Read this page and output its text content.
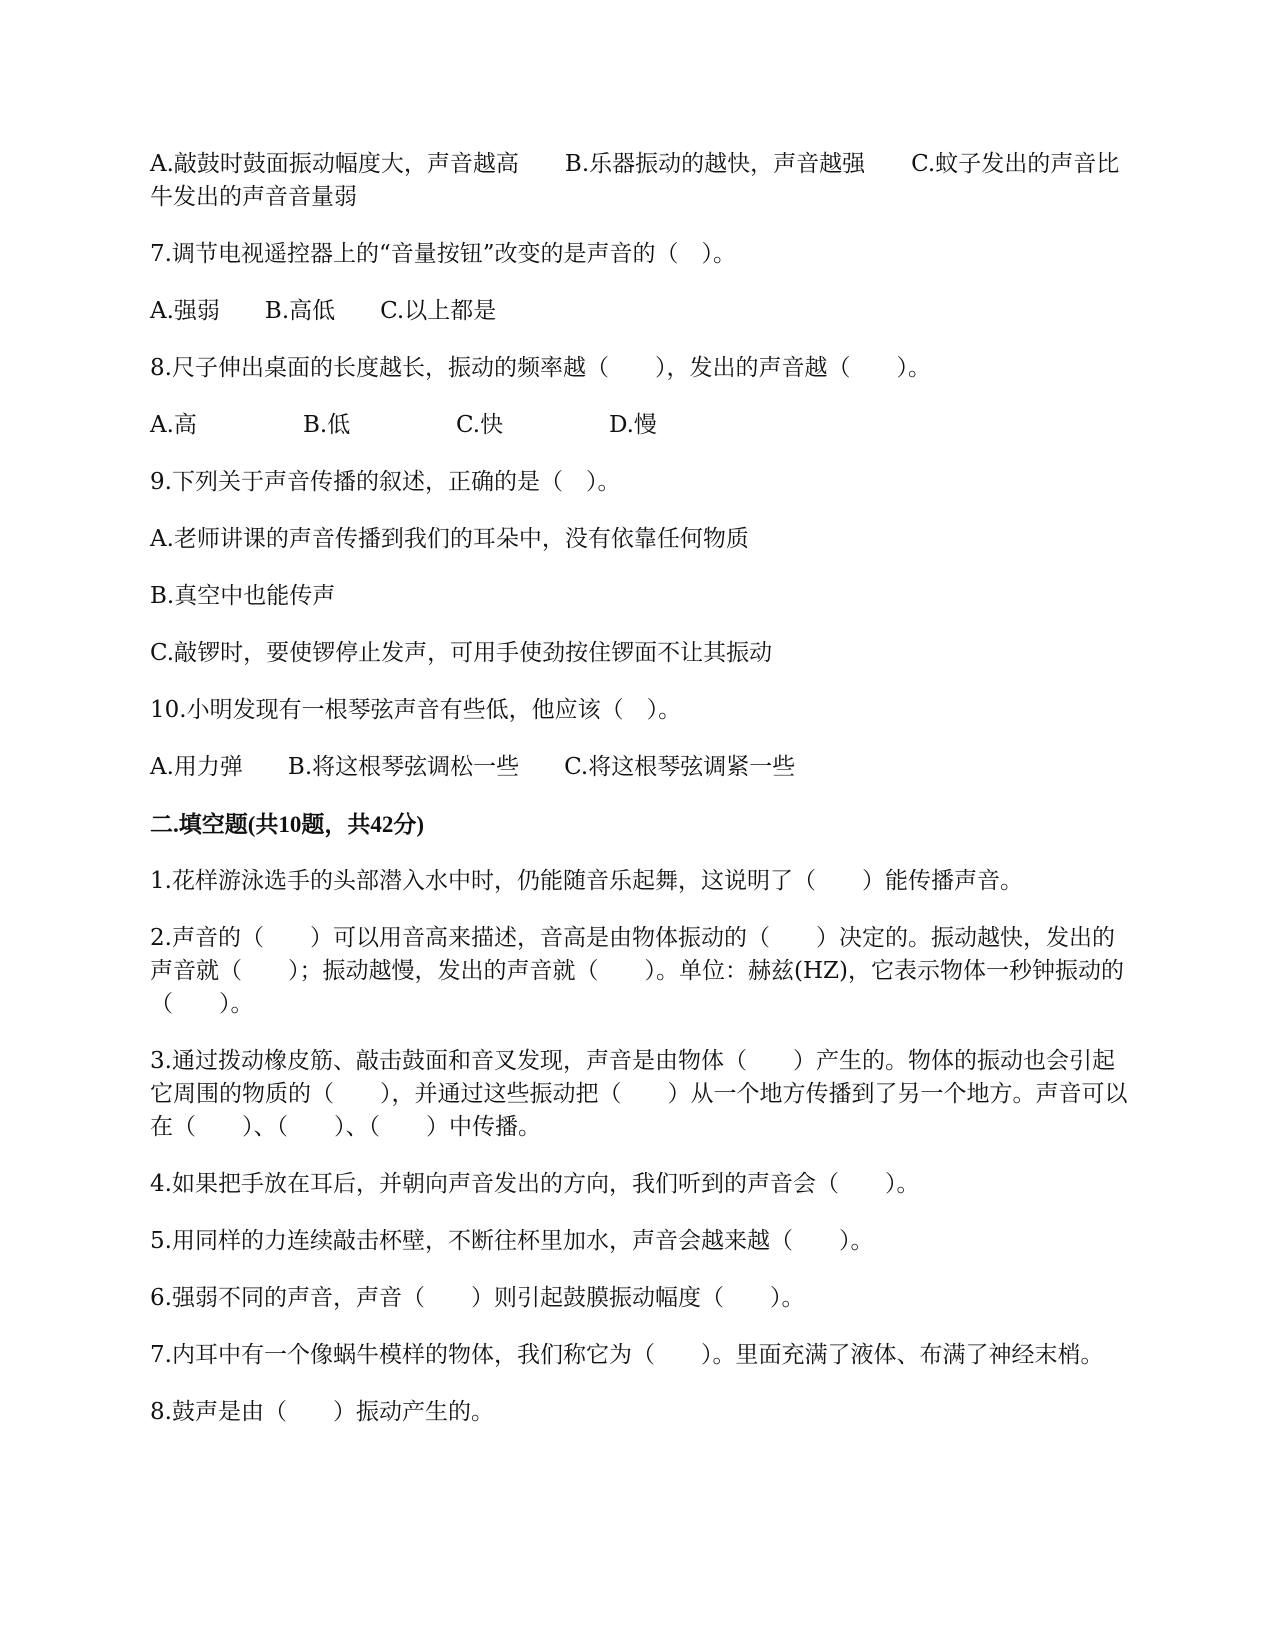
A.敲鼓时鼓面振动幅度大，声音越高　　B.乐器振动的越快，声音越强　　C.蚊子发出的声音比牛发出的声音音量弱

7.调节电视遥控器上的“音量按钮”改变的是声音的（　）。

A.强弱 B.高低 C.以上都是

8.尺子伸出桌面的长度越长，振动的频率越（　　），发出的声音越（　　）。

A.高	B.低	C.快	D.慢

9.下列关于声音传播的叙述，正确的是（　）。

A.老师讲课的声音传播到我们的耳朵中，没有依靠任何物质

B.真空中也能传声

C.敲锣时，要使锣停止发声，可用手使劲按住锣面不让其振动

10.小明发现有一根琴弦声音有些低，他应该（　）。

A.用力弹 B.将这根琴弦调松一些 C.将这根琴弦调紧一些
二.填空题(共10题，共42分)

1.花样游泳选手的头部潜入水中时，仍能随音乐起舞，这说明了（　　）能传播声音。

2.声音的（　　）可以用音高来描述，音高是由物体振动的（　　）决定的。振动越快，发出的声音就（　　）；振动越慢，发出的声音就（　　）。单位：赫兹(HZ)，它表示物体一秒钟振动的（　　）。

3.通过拨动橡皮筋、敲击鼓面和音叉发现，声音是由物体（　　）产生的。物体的振动也会引起它周围的物质的（　　），并通过这些振动把（　　）从一个地方传播到了另一个地方。声音可以在（　　）、（　　）、（　　）中传播。

4.如果把手放在耳后，并朝向声音发出的方向，我们听到的声音会（　　）。

5.用同样的力连续敲击杯壁，不断往杯里加水，声音会越来越（　　）。

6.强弱不同的声音，声音（　　）则引起鼓膜振动幅度（　　）。

7.内耳中有一个像蜗牛模样的物体，我们称它为（　　）。里面充满了液体、布满了神经末梢。

8.鼓声是由（　　）振动产生的。
